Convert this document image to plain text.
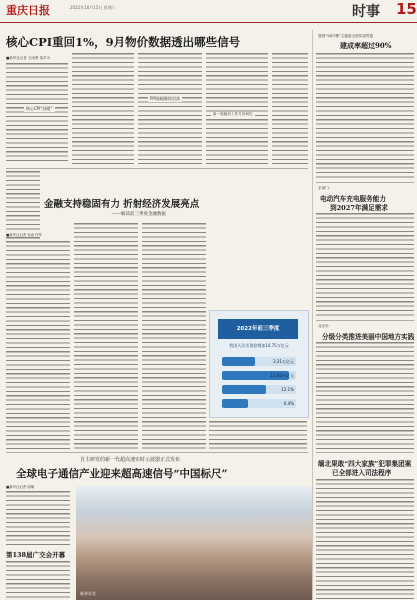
重庆日报	2022年10月15日 星期六	时事 15
核心CPI重回1%，9月物价数据透出哪些信号
■新华社记者 王雨萧 邹多为
核心CPI“回暖”
PPI涨幅继续回落
新一轮稳价工作方向何在
金融支持稳固有力 折射经济发展亮点
——解读前三季度金融数据
■新华社记者 吴雨 任军
2022年前三季度
我国人民币贷款增加14.75万亿元
3.31万亿元
11.62万亿元
12.1%
6.4%
自主研发的新一代超高速实时示波器正式发布
全球电子通信产业迎来超高速信号“中国标尺”
■新华社记者 周琳
新华社发
第138届广交会开幕
我国“5纵7横”主通道全面实现贯通
建成率超过90%
多部门：
电动汽车充电服务能力
到2027年满足需求
北京市：
分级分类推进美丽中国地方实践
缅北果敢“四大家族”犯罪集团案
已全部进入司法程序
